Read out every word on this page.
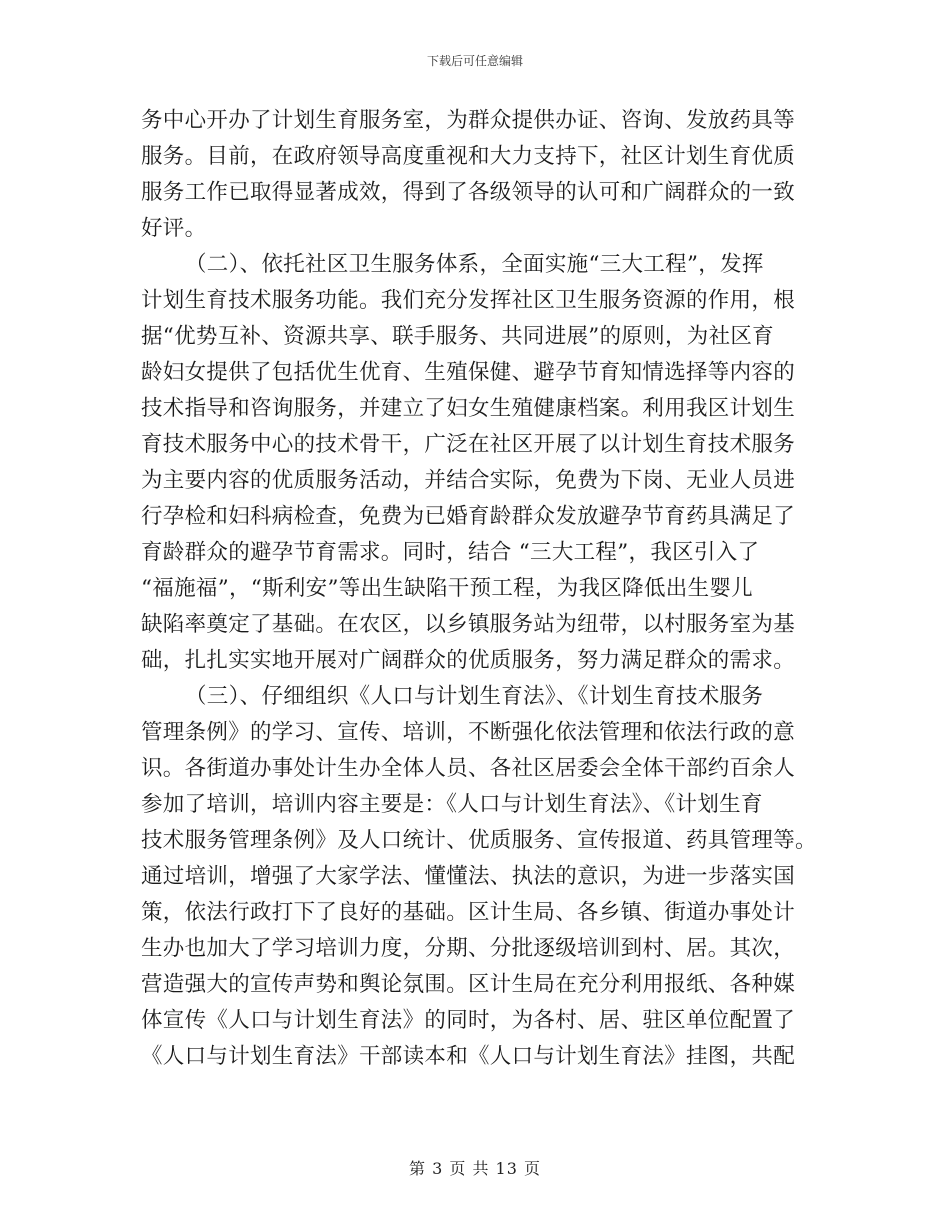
下载后可任意编辑
务中心开办了计划生育服务室，为群众提供办证、咨询、发放药具等
服务。目前，在政府领导高度重视和大力支持下，社区计划生育优质
服务工作已取得显著成效，得到了各级领导的认可和广阔群众的一致
好评。
（二）、依托社区卫生服务体系，全面实施“三大工程”，发挥
计划生育技术服务功能。我们充分发挥社区卫生服务资源的作用，根
据“优势互补、资源共享、联手服务、共同进展”的原则，为社区育
龄妇女提供了包括优生优育、生殖保健、避孕节育知情选择等内容的
技术指导和咨询服务，并建立了妇女生殖健康档案。利用我区计划生
育技术服务中心的技术骨干，广泛在社区开展了以计划生育技术服务
为主要内容的优质服务活动，并结合实际，免费为下岗、无业人员进
行孕检和妇科病检查，免费为已婚育龄群众发放避孕节育药具满足了
育龄群众的避孕节育需求。同时，结合 “三大工程”，我区引入了
“福施福”，“斯利安”等出生缺陷干预工程，为我区降低出生婴儿
缺陷率奠定了基础。在农区，以乡镇服务站为纽带，以村服务室为基
础，扎扎实实地开展对广阔群众的优质服务，努力满足群众的需求。
（三）、仔细组织《人口与计划生育法》、《计划生育技术服务
管理条例》的学习、宣传、培训，不断强化依法管理和依法行政的意
识。各街道办事处计生办全体人员、各社区居委会全体干部约百余人
参加了培训，培训内容主要是：《人口与计划生育法》、《计划生育
技术服务管理条例》及人口统计、优质服务、宣传报道、药具管理等。
通过培训，增强了大家学法、懂懂法、执法的意识，为进一步落实国
策，依法行政打下了良好的基础。区计生局、各乡镇、街道办事处计
生办也加大了学习培训力度，分期、分批逐级培训到村、居。其次，
营造强大的宣传声势和舆论氛围。区计生局在充分利用报纸、各种媒
体宣传《人口与计划生育法》的同时，为各村、居、驻区单位配置了
《人口与计划生育法》干部读本和《人口与计划生育法》挂图，共配
第 3 页 共 13 页
